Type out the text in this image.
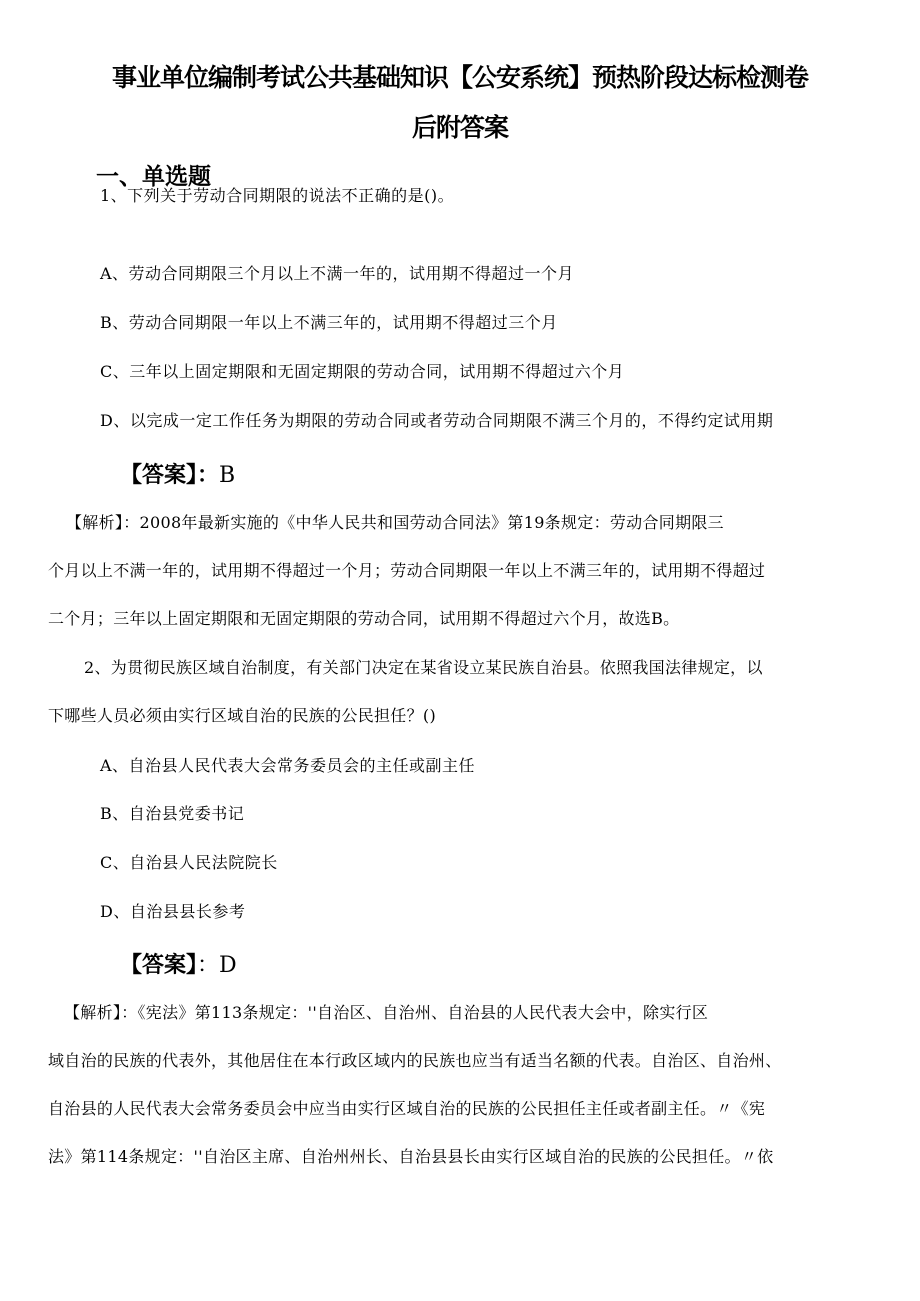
事业单位编制考试公共基础知识【公安系统】预热阶段达标检测卷
后附答案
一、单选题
1、下列关于劳动合同期限的说法不正确的是()。
A、劳动合同期限三个月以上不满一年的，试用期不得超过一个月
B、劳动合同期限一年以上不满三年的，试用期不得超过三个月
C、三年以上固定期限和无固定期限的劳动合同，试用期不得超过六个月
D、以完成一定工作任务为期限的劳动合同或者劳动合同期限不满三个月的，不得约定试用期
【答案】：B
【解析】：2008年最新实施的《中华人民共和国劳动合同法》第19条规定：劳动合同期限三
个月以上不满一年的，试用期不得超过一个月；劳动合同期限一年以上不满三年的，试用期不得超过
二个月；三年以上固定期限和无固定期限的劳动合同，试用期不得超过六个月，故选B。
2、为贯彻民族区域自治制度，有关部门决定在某省设立某民族自治县。依照我国法律规定，以
下哪些人员必须由实行区域自治的民族的公民担任？()
A、自治县人民代表大会常务委员会的主任或副主任
B、自治县党委书记
C、自治县人民法院院长
D、自治县县长参考
【答案】：D
【解析】：《宪法》第113条规定：''自治区、自治州、自治县的人民代表大会中，除实行区
域自治的民族的代表外，其他居住在本行政区域内的民族也应当有适当名额的代表。自治区、自治州、
自治县的人民代表大会常务委员会中应当由实行区域自治的民族的公民担任主任或者副主任。〃《宪
法》第114条规定：''自治区主席、自治州州长、自治县县长由实行区域自治的民族的公民担任。〃依
